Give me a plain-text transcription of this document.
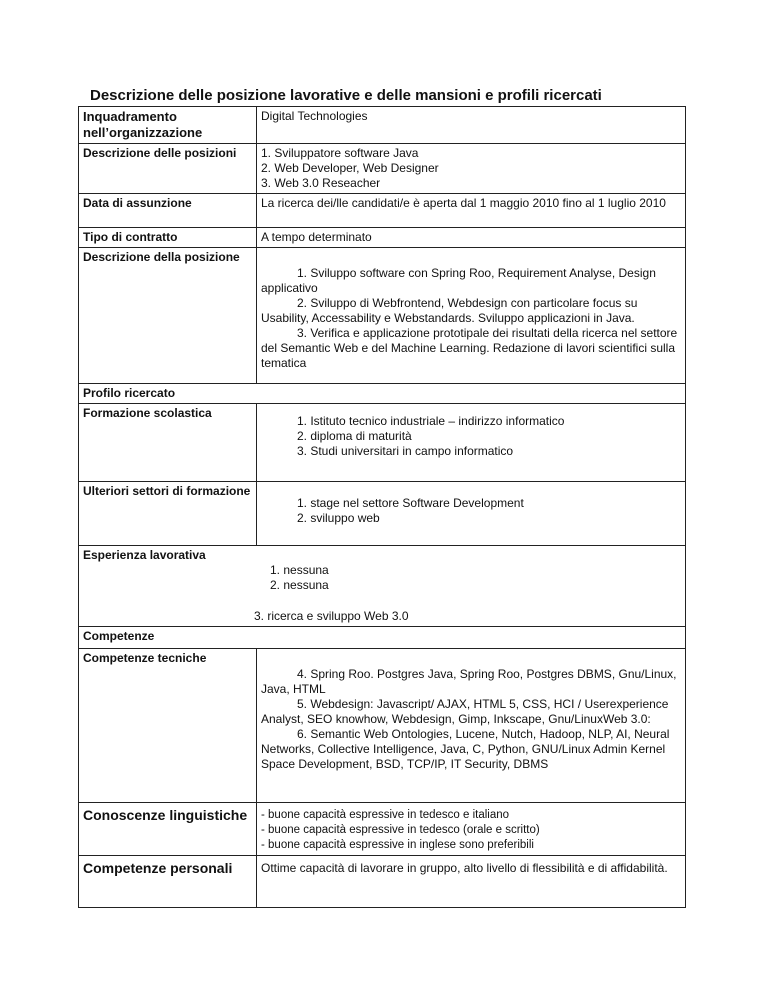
Descrizione delle posizione lavorative e delle mansioni e profili ricercati
Inquadramento nell’organizzazione	Digital Technologies
Descrizione delle posizioni	1. Sviluppatore software Java
2. Web Developer, Web Designer
3. Web 3.0 Reseacher

Data di assunzione	La ricerca dei/lle candidati/e è aperta dal 1 maggio 2010 fino al 1 luglio 2010
Tipo di contratto	A tempo determinato
Descrizione della posizione	1. Sviluppo software con Spring Roo, Requirement Analyse, Design applicativo
2. Sviluppo di Webfrontend, Webdesign con particolare focus su Usability, Accessability e Webstandards. Sviluppo applicazioni in Java.
3. Verifica e applicazione prototipale dei risultati della ricerca nel settore del Semantic Web e del Machine Learning. Redazione di lavori scientifici sulla tematica

Profilo ricercato	
Formazione scolastica	1. Istituto tecnico industriale – indirizzo informatico
2. diploma di maturità
3. Studi universitari in campo informatico

Ulteriori settori di formazione	1. stage nel settore Software Development
2. sviluppo web

Esperienza lavorativa
1. nessuna
2. nessuna
3. ricerca e sviluppo Web 3.0	

Competenze	
Competenze tecniche	4. Spring Roo. Postgres Java, Spring Roo, Postgres DBMS, Gnu/Linux, Java, HTML
5. Webdesign: Javascript/ AJAX, HTML 5, CSS, HCI / Userexperience Analyst, SEO knowhow, Webdesign, Gimp, Inkscape, Gnu/LinuxWeb 3.0:
6. Semantic Web Ontologies, Lucene, Nutch, Hadoop, NLP, AI, Neural Networks, Collective Intelligence, Java, C, Python, GNU/Linux Admin Kernel Space Development, BSD, TCP/IP, IT Security, DBMS

Conoscenze linguistiche	- buone capacità espressive in tedesco e italiano
- buone capacità espressive in tedesco (orale e scritto)
- buone capacità espressive in inglese sono preferibili

Competenze personali	Ottime capacità di lavorare in gruppo, alto livello di flessibilità e di affidabilità.
